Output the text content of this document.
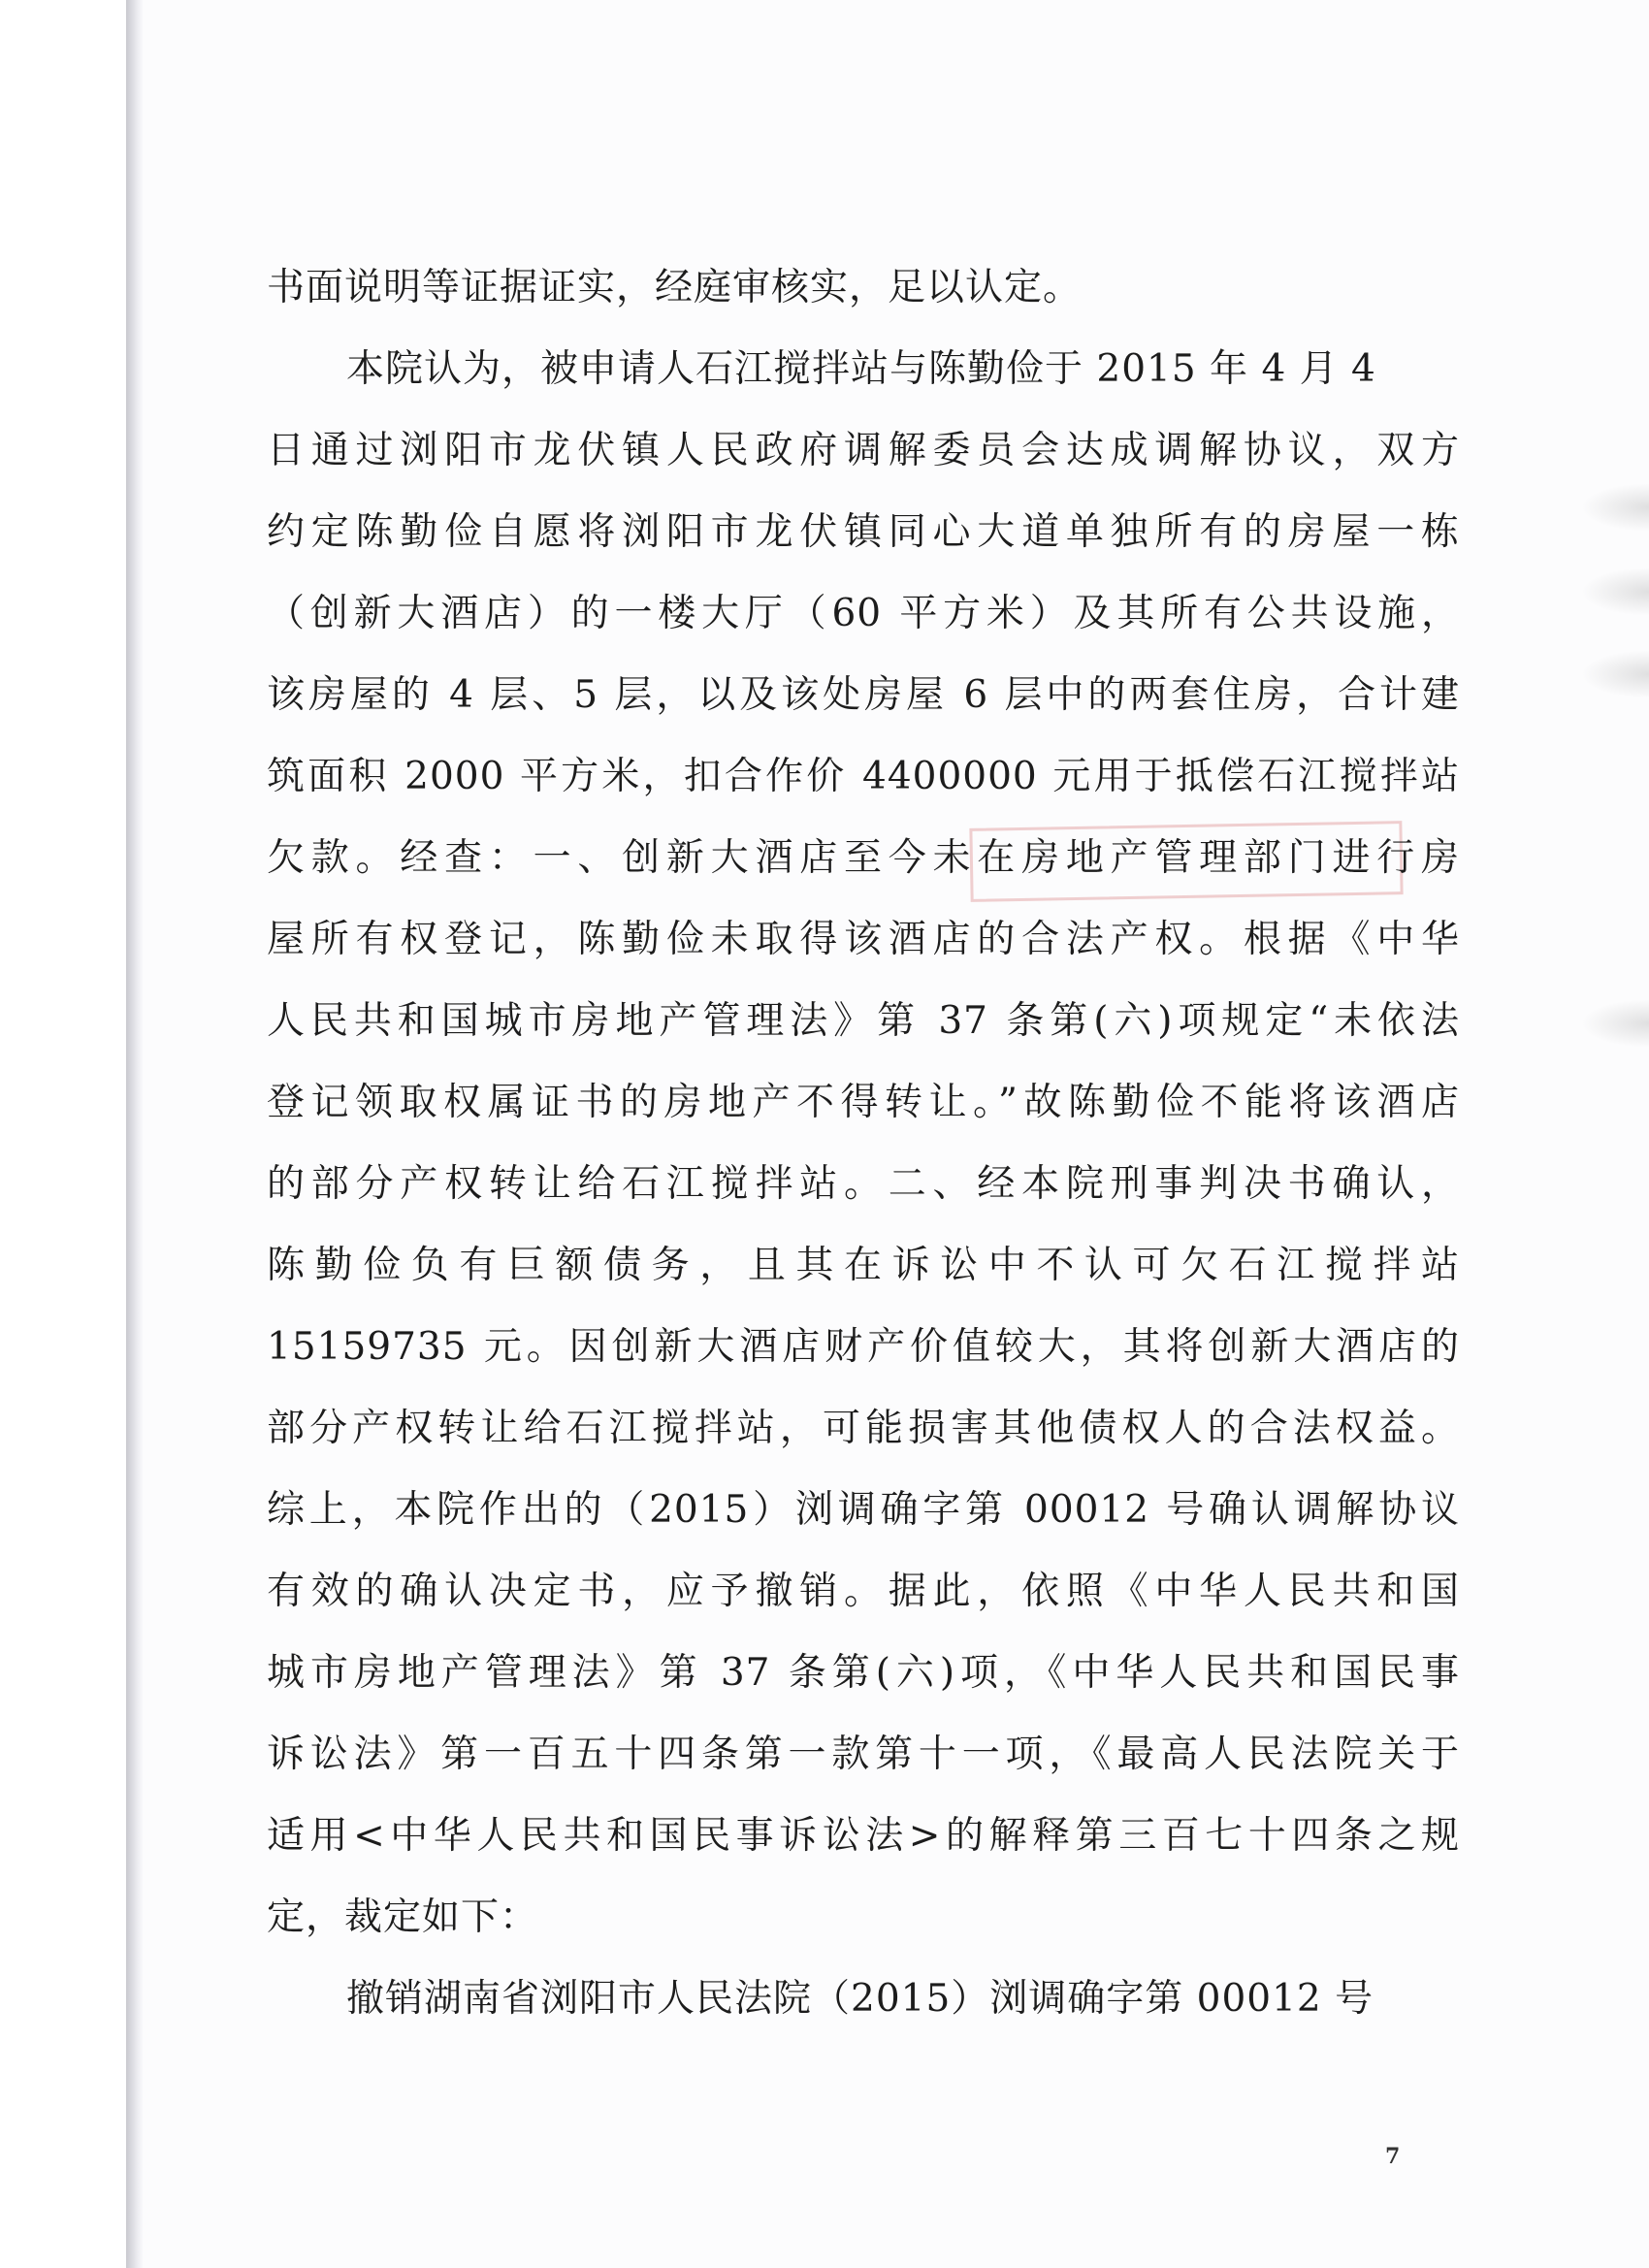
书面说明等证据证实，经庭审核实，足以认定。
本院认为，被申请人石江搅拌站与陈勤俭于 2015 年 4 月 4
日通过浏阳市龙伏镇人民政府调解委员会达成调解协议，双方
约定陈勤俭自愿将浏阳市龙伏镇同心大道单独所有的房屋一栋
（创新大酒店）的一楼大厅（60 平方米）及其所有公共设施，
该房屋的 4 层、5 层，以及该处房屋 6 层中的两套住房，合计建
筑面积 2000 平方米，扣合作价 4400000 元用于抵偿石江搅拌站
欠款。经查：一、创新大酒店至今未在房地产管理部门进行房
屋所有权登记，陈勤俭未取得该酒店的合法产权。根据《中华
人民共和国城市房地产管理法》第 37 条第(六)项规定“未依法
登记领取权属证书的房地产不得转让。”故陈勤俭不能将该酒店
的部分产权转让给石江搅拌站。二、经本院刑事判决书确认，
陈勤俭负有巨额债务，且其在诉讼中不认可欠石江搅拌站
15159735 元。因创新大酒店财产价值较大，其将创新大酒店的
部分产权转让给石江搅拌站，可能损害其他债权人的合法权益。
综上，本院作出的（2015）浏调确字第 00012 号确认调解协议
有效的确认决定书，应予撤销。据此，依照《中华人民共和国
城市房地产管理法》第 37 条第(六)项，《中华人民共和国民事
诉讼法》第一百五十四条第一款第十一项，《最高人民法院关于
适用<中华人民共和国民事诉讼法>的解释第三百七十四条之规
定，裁定如下：
撤销湖南省浏阳市人民法院（2015）浏调确字第 00012 号
7
